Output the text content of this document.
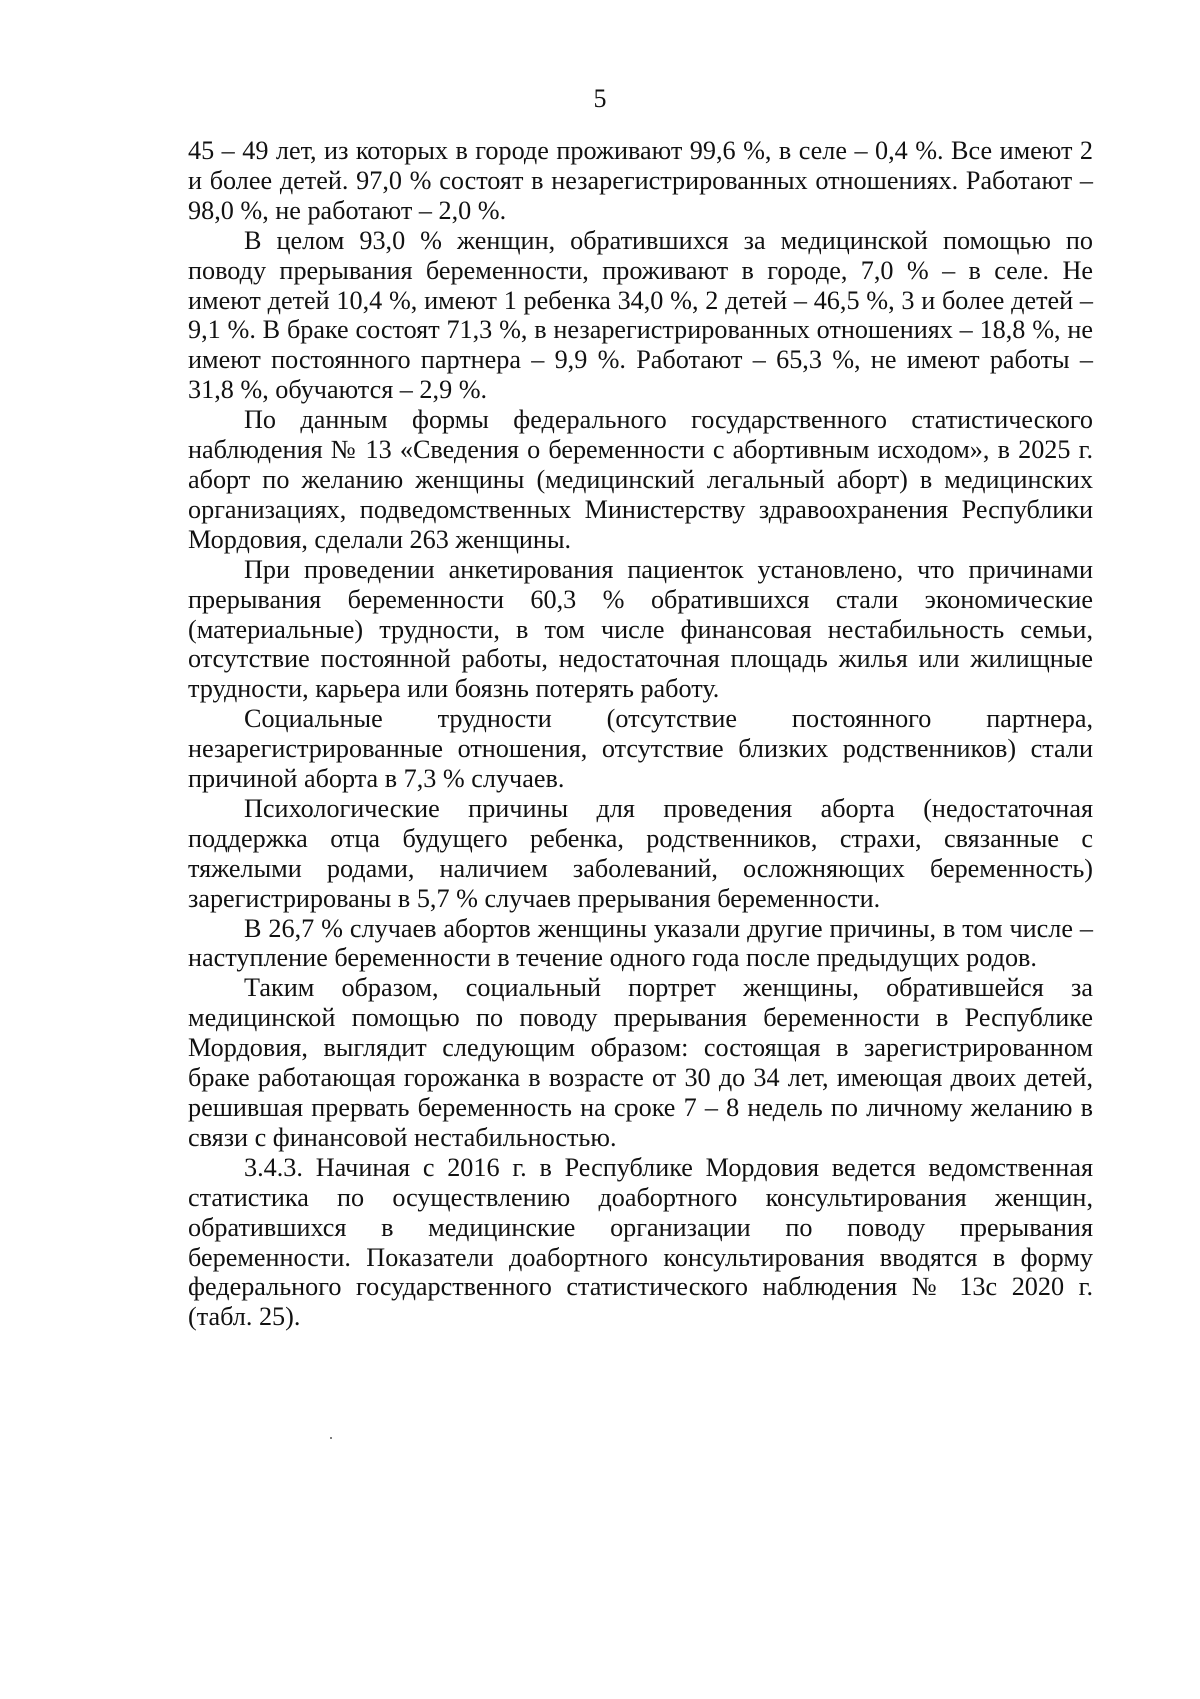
5

45 – 49 лет, из которых в городе проживают 99,6 %, в селе – 0,4 %. Все имеют 2 и более детей. 97,0 % состоят в незарегистрированных отношениях. Работают – 98,0 %, не работают – 2,0 %.

В целом 93,0 % женщин, обратившихся за медицинской помощью по поводу прерывания беременности, проживают в городе, 7,0 % – в селе. Не имеют детей 10,4 %, имеют 1 ребенка 34,0 %, 2 детей – 46,5 %, 3 и более детей – 9,1 %. В браке состоят 71,3 %, в незарегистрированных отношениях – 18,8 %, не имеют постоянного партнера – 9,9 %. Работают – 65,3 %, не имеют работы – 31,8 %, обучаются – 2,9 %.

По данным формы федерального государственного статистического наблюдения № 13 «Сведения о беременности с абортивным исходом», в 2025 г. аборт по желанию женщины (медицинский легальный аборт) в медицинских организациях, подведомственных Министерству здравоохранения Республики Мордовия, сделали 263 женщины.

При проведении анкетирования пациенток установлено, что причинами прерывания беременности 60,3 % обратившихся стали экономические (материальные) трудности, в том числе финансовая нестабильность семьи, отсутствие постоянной работы, недостаточная площадь жилья или жилищные трудности, карьера или боязнь потерять работу.

Социальные трудности (отсутствие постоянного партнера, незарегистрированные отношения, отсутствие близких родственников) стали причиной аборта в 7,3 % случаев.

Психологические причины для проведения аборта (недостаточная поддержка отца будущего ребенка, родственников, страхи, связанные с тяжелыми родами, наличием заболеваний, осложняющих беременность) зарегистрированы в 5,7 % случаев прерывания беременности.

В 26,7 % случаев абортов женщины указали другие причины, в том числе – наступление беременности в течение одного года после предыдущих родов.

Таким образом, социальный портрет женщины, обратившейся за медицинской помощью по поводу прерывания беременности в Республике Мордовия, выглядит следующим образом: состоящая в зарегистрированном браке работающая горожанка в возрасте от 30 до 34 лет, имеющая двоих детей, решившая прервать беременность на сроке 7 – 8 недель по личному желанию в связи с финансовой нестабильностью.

3.4.3. Начиная с 2016 г. в Республике Мордовия ведется ведомственная статистика по осуществлению доабортного консультирования женщин, обратившихся в медицинские организации по поводу прерывания беременности. Показатели доабортного консультирования вводятся в форму федерального государственного статистического наблюдения № 13с 2020 г. (табл. 25).
